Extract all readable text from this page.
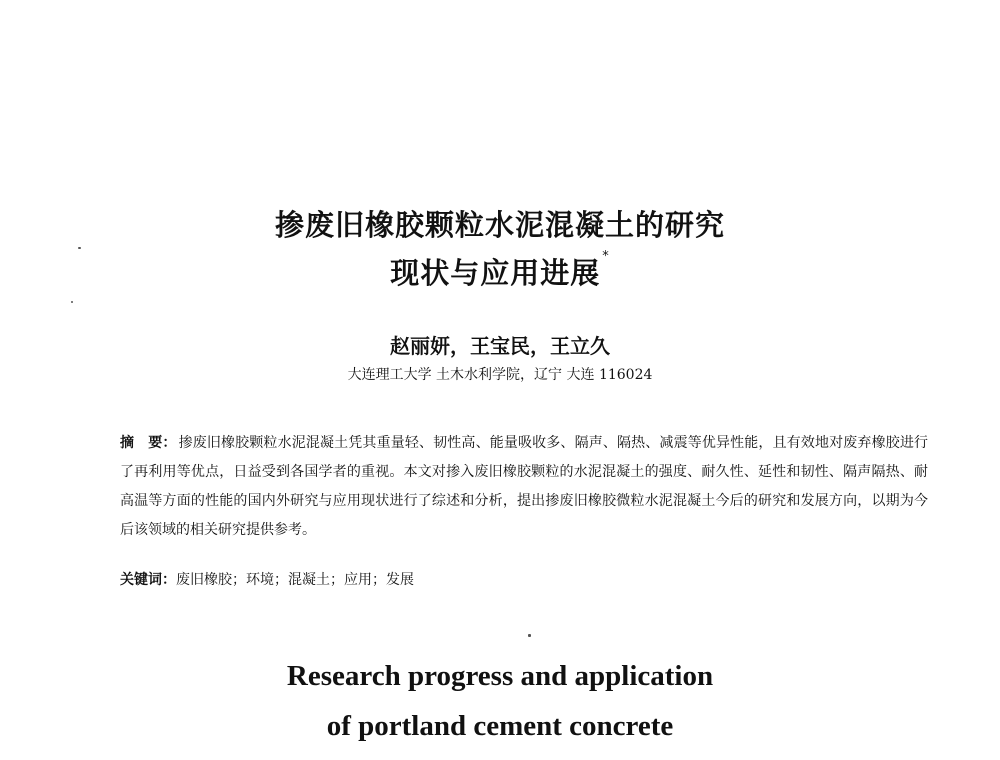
掺废旧橡胶颗粒水泥混凝土的研究
现状与应用进展 *

赵丽妍，王宝民，王立久

大连理工大学 土木水利学院，辽宁 大连 116024

摘　要： 掺废旧橡胶颗粒水泥混凝土凭其重量轻、韧性高、能量吸收多、隔声、隔热、减震等优异性能，且有效地对废弃橡胶进行了再利用等优点，日益受到各国学者的重视。本文对掺入废旧橡胶颗粒的水泥混凝土的强度、耐久性、延性和韧性、隔声隔热、耐高温等方面的性能的国内外研究与应用现状进行了综述和分析，提出掺废旧橡胶微粒水泥混凝土今后的研究和发展方向，以期为今后该领域的相关研究提供参考。

关键词：废旧橡胶；环境；混凝土；应用；发展

Research progress and application
of portland cement concrete
